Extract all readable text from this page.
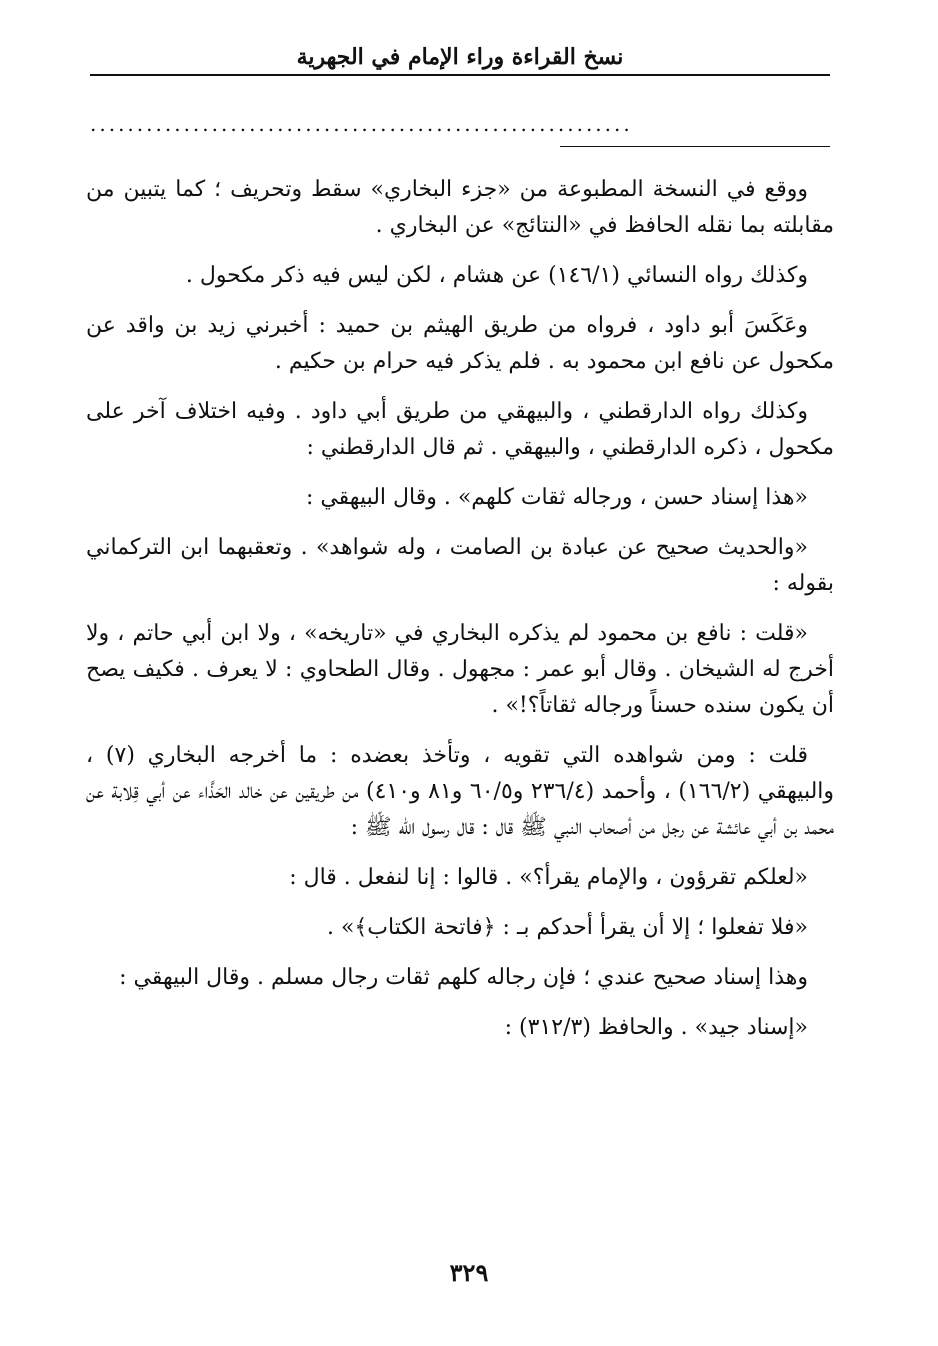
نسخ القراءة وراء الإمام في الجهرية
..........................................................

ووقع في النسخة المطبوعة من «جزء البخاري» سقط وتحريف ؛ كما يتبين من مقابلته بما نقله الحافظ في «النتائج» عن البخاري .

وكذلك رواه النسائي (١٤٦/١) عن هشام ، لكن ليس فيه ذكر مكحول .

وعَكَسَ أبو داود ، فرواه من طريق الهيثم بن حميد : أخبرني زيد بن واقد عن مكحول عن نافع ابن محمود به . فلم يذكر فيه حرام بن حكيم .

وكذلك رواه الدارقطني ، والبيهقي من طريق أبي داود . وفيه اختلاف آخر على مكحول ، ذكره الدارقطني ، والبيهقي . ثم قال الدارقطني :

«هذا إسناد حسن ، ورجاله ثقات كلهم» . وقال البيهقي :

«والحديث صحيح عن عبادة بن الصامت ، وله شواهد» . وتعقبهما ابن التركماني بقوله :

«قلت : نافع بن محمود لم يذكره البخاري في «تاريخه» ، ولا ابن أبي حاتم ، ولا أخرج له الشيخان . وقال أبو عمر : مجهول . وقال الطحاوي : لا يعرف . فكيف يصح أن يكون سنده حسناً ورجاله ثقاتاً؟!» .

قلت : ومن شواهده التي تقويه ، وتأخذ بعضده : ما أخرجه البخاري (٧) ، والبيهقي (١٦٦/٢) ، وأحمد (٢٣٦/٤ و٦٠/٥ و٨١ و٤١٠) من طريقين عن خالد الحَذَّاء عن أبي قِلابة عن محمد بن أبي عائشة عن رجل من أصحاب النبي ﷺ قال : قال رسول الله ﷺ :

«لعلكم تقرؤون ، والإمام يقرأ؟» . قالوا : إنا لنفعل . قال :

«فلا تفعلوا ؛ إلا أن يقرأ أحدكم بـ : ﴿فاتحة الكتاب﴾» .

وهذا إسناد صحيح عندي ؛ فإن رجاله كلهم ثقات رجال مسلم . وقال البيهقي :

«إسناد جيد» . والحافظ (٣١٢/٣) :

٣٢٩
